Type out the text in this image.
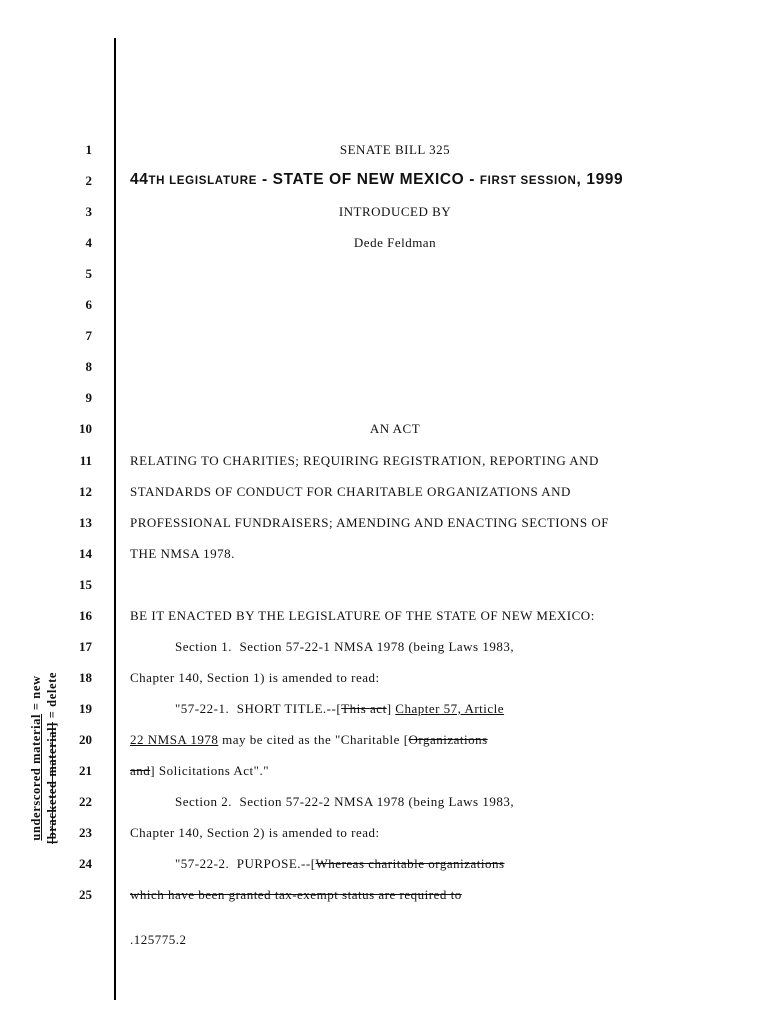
underscored material = new
[bracketed material] = delete
1
2
3
4
5
6
7
8
9
10
11
12
13
14
15
16
17
18
19
20
21
22
23
24
25
SENATE BILL 325
44TH LEGISLATURE - STATE OF NEW MEXICO - FIRST SESSION, 1999
INTRODUCED BY
Dede Feldman
AN ACT
RELATING TO CHARITIES; REQUIRING REGISTRATION, REPORTING AND
STANDARDS OF CONDUCT FOR CHARITABLE ORGANIZATIONS AND
PROFESSIONAL FUNDRAISERS; AMENDING AND ENACTING SECTIONS OF
THE NMSA 1978.
BE IT ENACTED BY THE LEGISLATURE OF THE STATE OF NEW MEXICO:
Section 1.  Section 57-22-1 NMSA 1978 (being Laws 1983,
Chapter 140, Section 1) is amended to read:
"57-22-1.  SHORT TITLE.--[This act] Chapter 57, Article
22 NMSA 1978 may be cited as the "Charitable [Organizations
and] Solicitations Act"."
Section 2.  Section 57-22-2 NMSA 1978 (being Laws 1983,
Chapter 140, Section 2) is amended to read:
"57-22-2.  PURPOSE.--[Whereas charitable organizations
which have been granted tax-exempt status are required to
.125775.2
